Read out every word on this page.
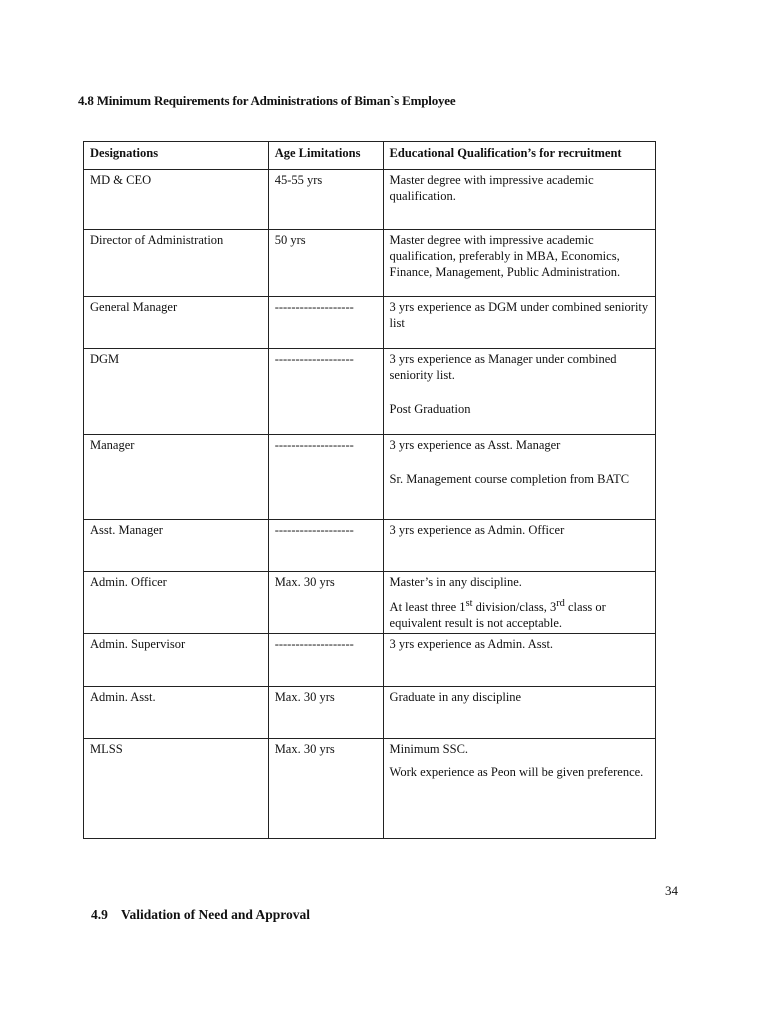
4.8 Minimum Requirements for Administrations of Biman`s Employee
Designations	Age Limitations	Educational Qualification’s for recruitment
MD & CEO	45-55 yrs	Master degree with impressive academic qualification.

Director of Administration	50 yrs	Master degree with impressive academic qualification, preferably in MBA, Economics, Finance, Management, Public Administration.

General Manager	-------------------	3 yrs experience as DGM under combined seniority list

DGM	-------------------	3 yrs experience as Manager under combined seniority list.

Post Graduation

Manager	-------------------	3 yrs experience as Asst. Manager

Sr. Management course completion from BATC

Asst. Manager	-------------------	3 yrs experience as Admin. Officer

Admin. Officer	Max. 30 yrs	Master’s in any discipline.

At least three 1st division/class, 3rd class or equivalent result is not acceptable.

Admin. Supervisor	-------------------	3 yrs experience as Admin. Asst.

Admin. Asst.	Max. 30 yrs	Graduate in any discipline

MLSS	Max. 30 yrs	Minimum SSC.

Work experience as Peon will be given preference.

34
4.9 Validation of Need and Approval
